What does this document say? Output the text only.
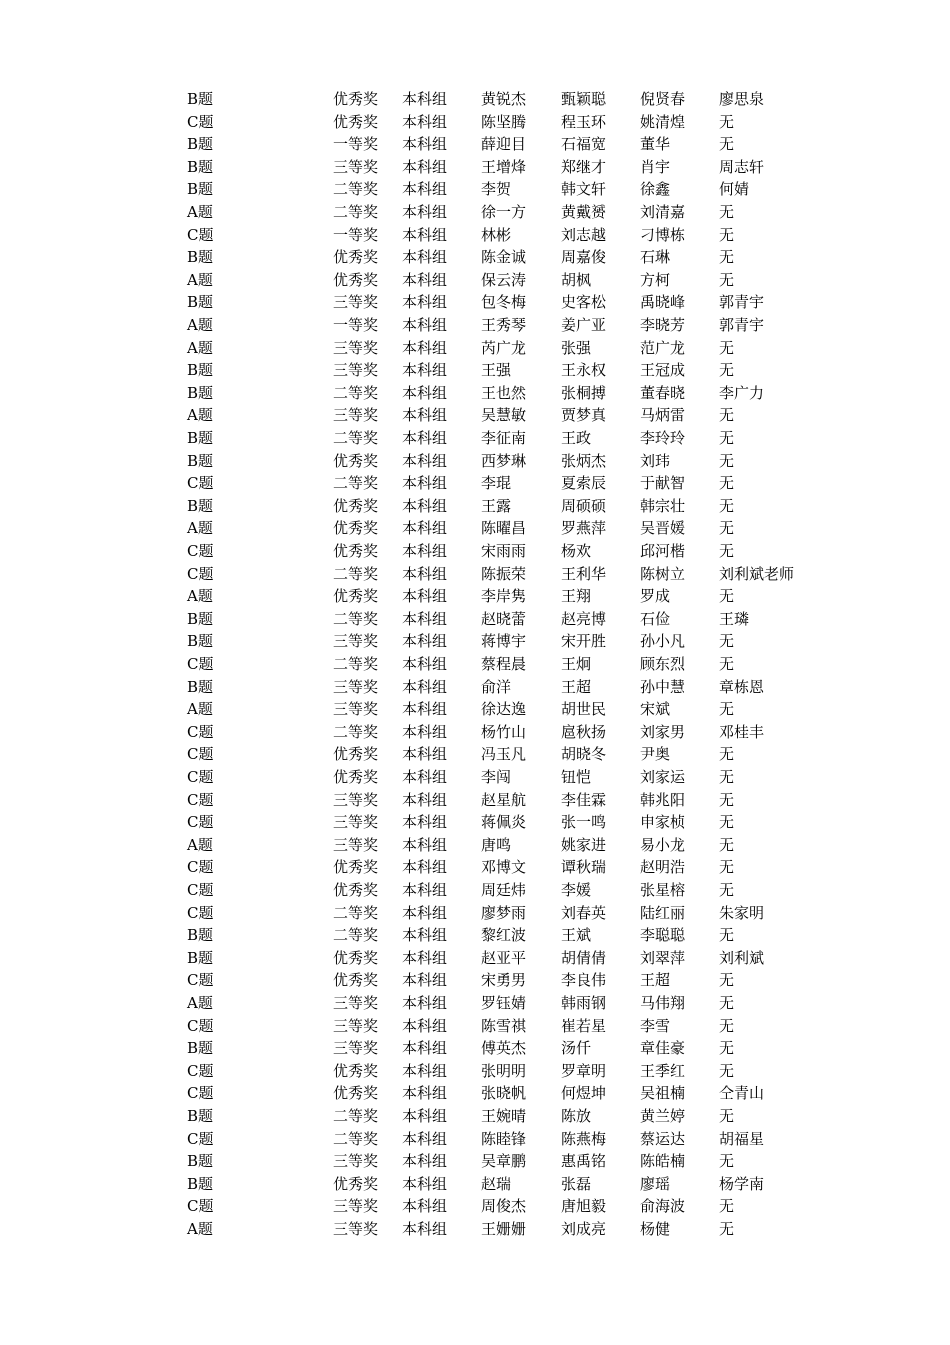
B题	优秀奖 本科组 黄锐杰 甄颖聪 倪贤春 廖思泉
C题	优秀奖 本科组 陈坚腾 程玉环 姚清煌 无
B题	一等奖 本科组 薛迎目 石福宽 董华	无
B题	三等奖 本科组 王增烽 郑继才 肖宇	周志轩
B题	二等奖 本科组 李贺	韩文轩 徐鑫	何婧
A题	二等奖 本科组 徐一方 黄戴赟 刘清嘉 无
C题	一等奖 本科组 林彬	刘志越 刁博栋 无
B题	优秀奖 本科组 陈金诚 周嘉俊 石琳	无
A题	优秀奖 本科组 保云涛 胡枫	方柯	无
B题	三等奖 本科组 包冬梅 史客松 禹晓峰 郭青宇
A题	一等奖 本科组 王秀琴 姜广亚 李晓芳 郭青宇
A题	三等奖 本科组 芮广龙 张强	范广龙 无
B题	三等奖 本科组 王强	王永权 王冠成 无
B题	二等奖 本科组 王也然 张桐搏 董春晓 李广力
A题	三等奖 本科组 吴慧敏 贾梦真 马炳雷 无
B题	二等奖 本科组 李征南 王政	李玲玲 无
B题	优秀奖 本科组 西梦琳 张炳杰 刘玮	无
C题	二等奖 本科组 李琨	夏索辰 于献智 无
B题	优秀奖 本科组 王露	周硕硕 韩宗壮 无
A题	优秀奖 本科组 陈曜昌 罗燕萍 吴晋媛 无
C题	优秀奖 本科组 宋雨雨 杨欢	邱河楷 无
C题	二等奖 本科组 陈振荣 王利华 陈树立 刘利斌老师
A题	优秀奖 本科组 李岸隽 王翔	罗成	无
B题	二等奖 本科组 赵晓蕾 赵亮博 石俭	王璘
B题	三等奖 本科组 蒋博宇 宋开胜 孙小凡 无
C题	二等奖 本科组 蔡程晨 王炯	顾东烈 无
B题	三等奖 本科组 俞洋	王超	孙中慧 章栋恩
A题	三等奖 本科组 徐达逸 胡世民 宋斌	无
C题	二等奖 本科组 杨竹山 扈秋扬 刘家男 邓桂丰
C题	优秀奖 本科组 冯玉凡 胡晓冬 尹奥	无
C题	优秀奖 本科组 李闯	钮恺	刘家运 无
C题	三等奖 本科组 赵星航 李佳霖 韩兆阳 无
C题	三等奖 本科组 蒋佩炎 张一鸣 申家桢 无
A题	三等奖 本科组 唐鸣	姚家进 易小龙 无
C题	优秀奖 本科组 邓博文 谭秋瑞 赵明浩 无
C题	优秀奖 本科组 周廷炜 李媛	张星榕 无
C题	二等奖 本科组 廖梦雨 刘春英 陆红丽 朱家明
B题	二等奖 本科组 黎红波 王斌	李聪聪 无
B题	优秀奖 本科组 赵亚平 胡倩倩 刘翠萍 刘利斌
C题	优秀奖 本科组 宋勇男 李良伟 王超	无
A题	三等奖 本科组 罗钰婧 韩雨钢 马伟翔 无
C题	三等奖 本科组 陈雪祺 崔若星 李雪	无
B题	三等奖 本科组 傅英杰 汤仟	章佳豪 无
C题	优秀奖 本科组 张明明 罗章明 王季红 无
C题	优秀奖 本科组 张晓帆 何煜坤 吴祖楠 仝青山
B题	二等奖 本科组 王婉晴 陈放	黄兰婷 无
C题	二等奖 本科组 陈睦锋 陈燕梅 蔡运达 胡福星
B题	三等奖 本科组 吴章鹏 惠禹铭 陈皓楠 无
B题	优秀奖 本科组 赵瑞	张磊	廖瑶	杨学南
C题	三等奖 本科组 周俊杰 唐旭毅 俞海波 无
A题	三等奖 本科组 王姗姗 刘成亮 杨健	无
